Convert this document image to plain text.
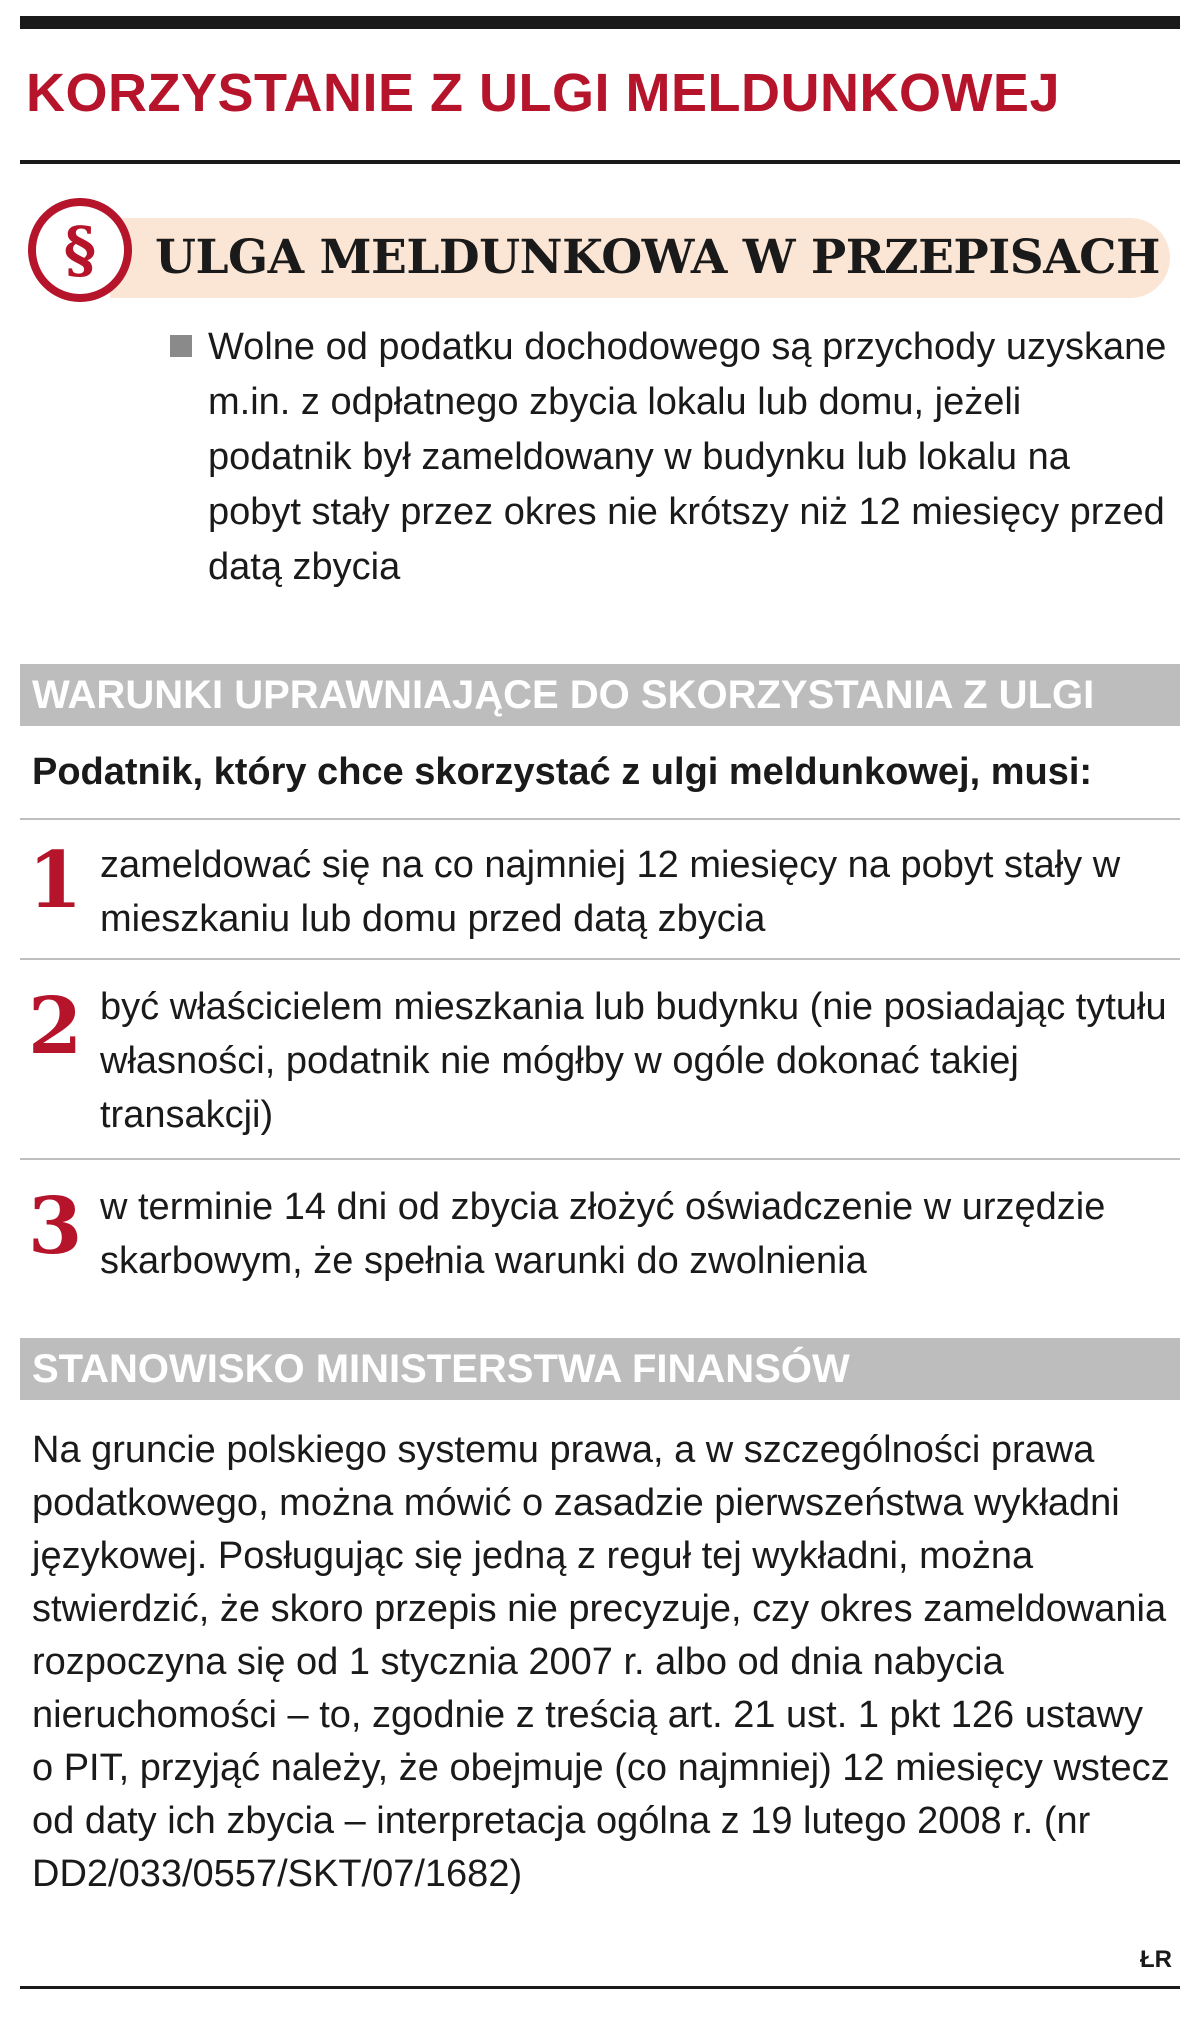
KORZYSTANIE Z ULGI MELDUNKOWEJ
§ ULGA MELDUNKOWA W PRZEPISACH

Wolne od podatku dochodowego są przychody uzyskane m.in. z odpłatnego zbycia lokalu lub domu, jeżeli podatnik był zameldowany w budynku lub lokalu na pobyt stały przez okres nie krótszy niż 12 miesięcy przed datą zbycia

WARUNKI UPRAWNIAJĄCE DO SKORZYSTANIA Z ULGI

Podatnik, który chce skorzystać z ulgi meldunkowej, musi:

1 zameldować się na co najmniej 12 miesięcy na pobyt stały w mieszkaniu lub domu przed datą zbycia

2 być właścicielem mieszkania lub budynku (nie posiadając tytułu własności, podatnik nie mógłby w ogóle dokonać takiej transakcji)

3 w terminie 14 dni od zbycia złożyć oświadczenie w urzędzie skarbowym, że spełnia warunki do zwolnienia

STANOWISKO MINISTERSTWA FINANSÓW

Na gruncie polskiego systemu prawa, a w szczególności prawa podatkowego, można mówić o zasadzie pierwszeństwa wykładni językowej. Posługując się jedną z reguł tej wykładni, można stwierdzić, że skoro przepis nie precyzuje, czy okres zameldowania rozpoczyna się od 1 stycznia 2007 r. albo od dnia nabycia nieruchomości – to, zgodnie z treścią art. 21 ust. 1 pkt 126 ustawy o PIT, przyjąć należy, że obejmuje (co najmniej) 12 miesięcy wstecz od daty ich zbycia – interpretacja ogólna z 19 lutego 2008 r. (nr DD2/033/0557/SKT/07/1682)

ŁR
